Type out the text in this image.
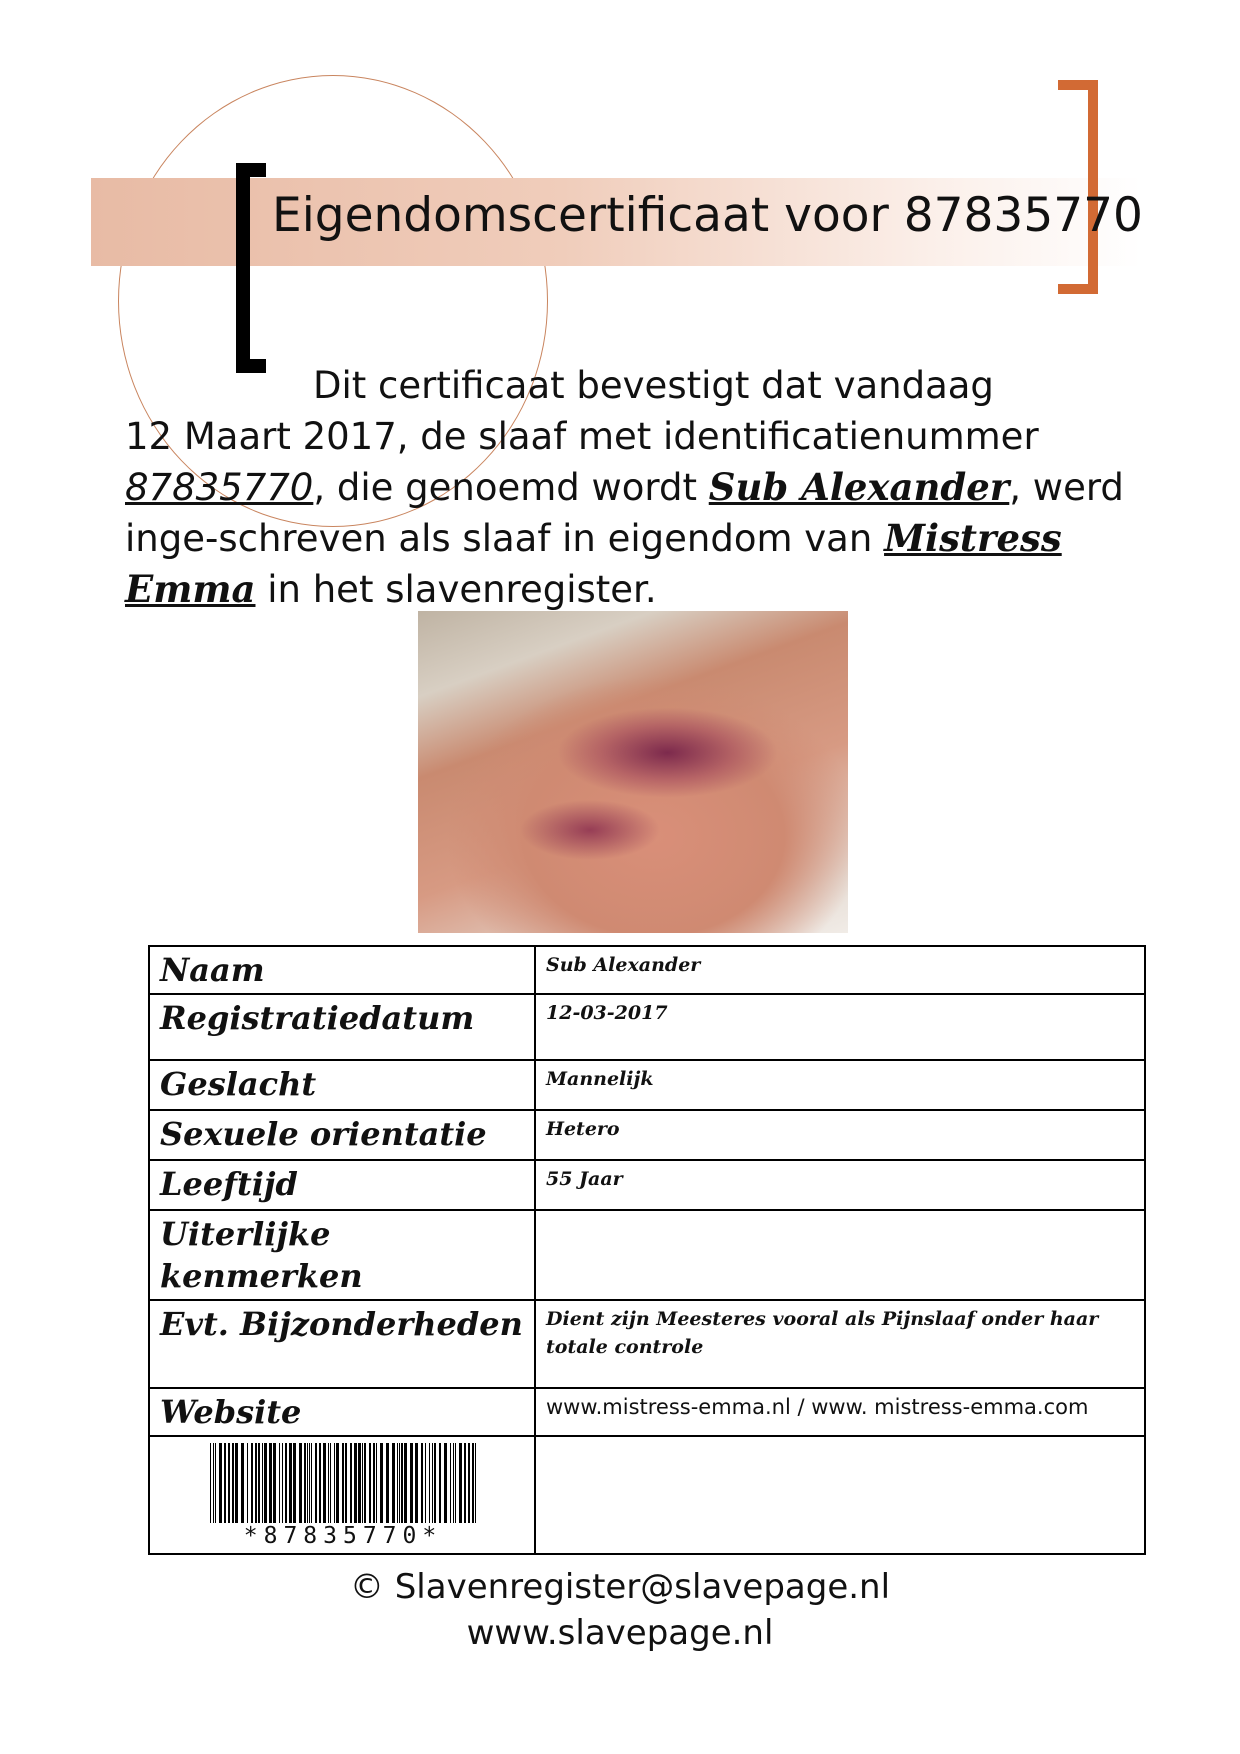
Eigendomscertificaat voor 87835770
Dit certificaat bevestigt dat vandaag
12 Maart 2017, de slaaf met identificatienummer
87835770, die genoemd wordt Sub Alexander, werd inge-schreven als slaaf in eigendom van Mistress Emma in het slavenregister.
Naam	Sub Alexander
Registratiedatum	12-03-2017
Geslacht	Mannelijk
Sexuele orientatie	Hetero
Leeftijd	55 Jaar
Uiterlijke kenmerken	
Evt. Bijzonderheden	Dient zijn Meesteres vooral als Pijnslaaf onder haar totale controle
Website	www.mistress-emma.nl / www. mistress-emma.com

*87835770*	

© Slavenregister@slavepage.nl
www.slavepage.nl
